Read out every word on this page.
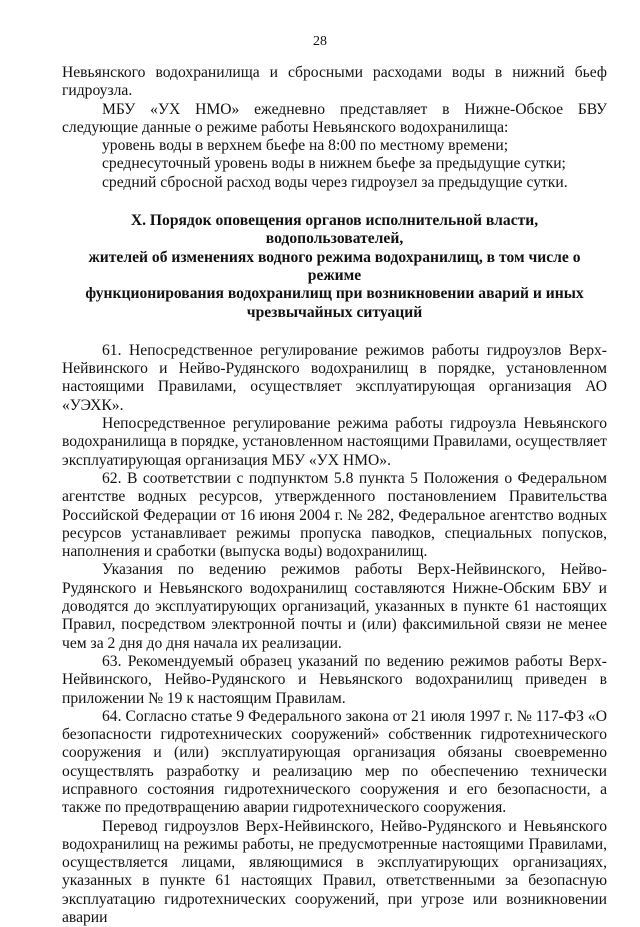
28

Невьянского водохранилища и сбросными расходами воды в нижний бьеф гидроузла.

МБУ «УХ НМО» ежедневно представляет в Нижне-Обское БВУ следующие данные о режиме работы Невьянского водохранилища:

уровень воды в верхнем бьефе на 8:00 по местному времени;

среднесуточный уровень воды в нижнем бьефе за предыдущие сутки;

средний сбросной расход воды через гидроузел за предыдущие сутки.

X. Порядок оповещения органов исполнительной власти, водопользователей,
жителей об изменениях водного режима водохранилищ, в том числе о режиме
функционирования водохранилищ при возникновении аварий и иных
чрезвычайных ситуаций

61. Непосредственное регулирование режимов работы гидроузлов Верх-Нейвинского и Нейво-Рудянского водохранилищ в порядке, установленном настоящими Правилами, осуществляет эксплуатирующая организация АО «УЭХК».

Непосредственное регулирование режима работы гидроузла Невьянского водохранилища в порядке, установленном настоящими Правилами, осуществляет эксплуатирующая организация МБУ «УХ НМО».

62. В соответствии с подпунктом 5.8 пункта 5 Положения о Федеральном агентстве водных ресурсов, утвержденного постановлением Правительства Российской Федерации от 16 июня 2004 г. № 282, Федеральное агентство водных ресурсов устанавливает режимы пропуска паводков, специальных попусков, наполнения и сработки (выпуска воды) водохранилищ.

Указания по ведению режимов работы Верх-Нейвинского, Нейво-Рудянского и Невьянского водохранилищ составляются Нижне-Обским БВУ и доводятся до эксплуатирующих организаций, указанных в пункте 61 настоящих Правил, посредством электронной почты и (или) факсимильной связи не менее чем за 2 дня до дня начала их реализации.

63. Рекомендуемый образец указаний по ведению режимов работы Верх-Нейвинского, Нейво-Рудянского и Невьянского водохранилищ приведен в приложении № 19 к настоящим Правилам.

64. Согласно статье 9 Федерального закона от 21 июля 1997 г. № 117-ФЗ «О безопасности гидротехнических сооружений» собственник гидротехнического сооружения и (или) эксплуатирующая организация обязаны своевременно осуществлять разработку и реализацию мер по обеспечению технически исправного состояния гидротехнического сооружения и его безопасности, а также по предотвращению аварии гидротехнического сооружения.

Перевод гидроузлов Верх-Нейвинского, Нейво-Рудянского и Невьянского водохранилищ на режимы работы, не предусмотренные настоящими Правилами, осуществляется лицами, являющимися в эксплуатирующих организациях, указанных в пункте 61 настоящих Правил, ответственными за безопасную эксплуатацию гидротехнических сооружений, при угрозе или возникновении аварии
